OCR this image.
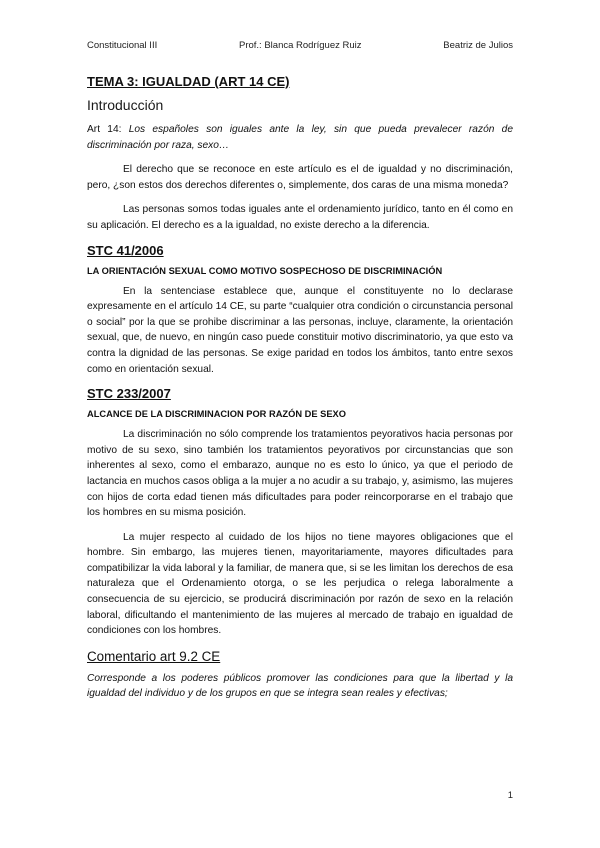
Constitucional III	Prof.: Blanca Rodríguez Ruiz	Beatriz de Julios
TEMA 3: IGUALDAD (ART 14 CE)
Introducción

Art 14: Los españoles son iguales ante la ley, sin que pueda prevalecer razón de discriminación por raza, sexo…

El derecho que se reconoce en este artículo es el de igualdad y no discriminación, pero, ¿son estos dos derechos diferentes o, simplemente, dos caras de una misma moneda?

Las personas somos todas iguales ante el ordenamiento jurídico, tanto en él como en su aplicación. El derecho es a la igualdad, no existe derecho a la diferencia.

STC 41/2006
LA ORIENTACIÓN SEXUAL COMO MOTIVO SOSPECHOSO DE DISCRIMINACIÓN

En la sentenciase establece que, aunque el constituyente no lo declarase expresamente en el artículo 14 CE, su parte “cualquier otra condición o circunstancia personal o social” por la que se prohibe discriminar a las personas, incluye, claramente, la orientación sexual, que, de nuevo, en ningún caso puede constituir motivo discriminatorio, ya que esto va contra la dignidad de las personas. Se exige paridad en todos los ámbitos, tanto entre sexos como en orientación sexual.

STC 233/2007
ALCANCE DE LA DISCRIMINACION POR RAZÓN DE SEXO

La discriminación no sólo comprende los tratamientos peyorativos hacia personas por motivo de su sexo, sino también los tratamientos peyorativos por circunstancias que son inherentes al sexo, como el embarazo, aunque no es esto lo único, ya que el periodo de lactancia en muchos casos obliga a la mujer a no acudir a su trabajo, y, asimismo, las mujeres con hijos de corta edad tienen más dificultades para poder reincorporarse en el trabajo que los hombres en su misma posición.

La mujer respecto al cuidado de los hijos no tiene mayores obligaciones que el hombre. Sin embargo, las mujeres tienen, mayoritariamente, mayores dificultades para compatibilizar la vida laboral y la familiar, de manera que, si se les limitan los derechos de esa naturaleza que el Ordenamiento otorga, o se les perjudica o relega laboralmente a consecuencia de su ejercicio, se producirá discriminación por razón de sexo en la relación laboral, dificultando el mantenimiento de las mujeres al mercado de trabajo en igualdad de condiciones con los hombres.

Comentario art 9.2 CE

Corresponde a los poderes públicos promover las condiciones para que la libertad y la igualdad del individuo y de los grupos en que se integra sean reales y efectivas;

1
